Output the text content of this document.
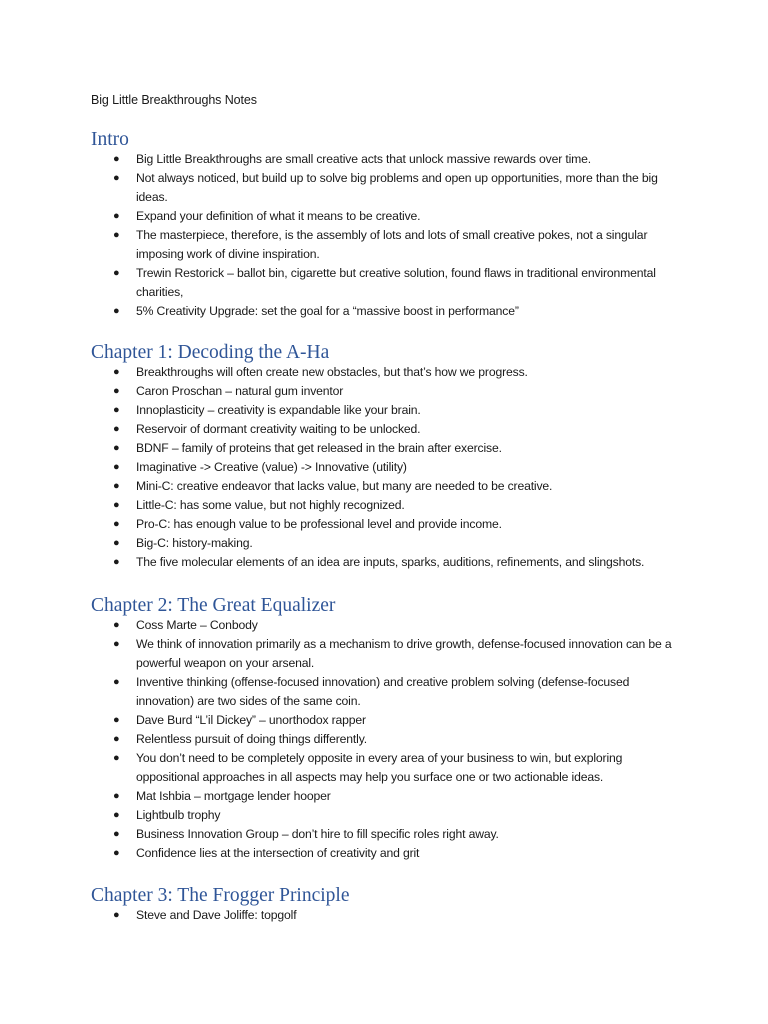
Big Little Breakthroughs Notes
Intro
● Big Little Breakthroughs are small creative acts that unlock massive rewards over time.
● Not always noticed, but build up to solve big problems and open up opportunities, more than the big ideas.
● Expand your definition of what it means to be creative.
● The masterpiece, therefore, is the assembly of lots and lots of small creative pokes, not a singular imposing work of divine inspiration.
● Trewin Restorick – ballot bin, cigarette but creative solution, found flaws in traditional environmental charities,
● 5% Creativity Upgrade: set the goal for a “massive boost in performance”
Chapter 1: Decoding the A-Ha
● Breakthroughs will often create new obstacles, but that’s how we progress.
● Caron Proschan – natural gum inventor
● Innoplasticity – creativity is expandable like your brain.
● Reservoir of dormant creativity waiting to be unlocked.
● BDNF – family of proteins that get released in the brain after exercise.
● Imaginative -> Creative (value) -> Innovative (utility)
● Mini-C: creative endeavor that lacks value, but many are needed to be creative.
● Little-C: has some value, but not highly recognized.
● Pro-C: has enough value to be professional level and provide income.
● Big-C: history-making.
● The five molecular elements of an idea are inputs, sparks, auditions, refinements, and slingshots.
Chapter 2: The Great Equalizer
● Coss Marte – Conbody
● We think of innovation primarily as a mechanism to drive growth, defense-focused innovation can be a powerful weapon on your arsenal.
● Inventive thinking (offense-focused innovation) and creative problem solving (defense-focused innovation) are two sides of the same coin.
● Dave Burd “L’il Dickey” – unorthodox rapper
● Relentless pursuit of doing things differently.
● You don’t need to be completely opposite in every area of your business to win, but exploring oppositional approaches in all aspects may help you surface one or two actionable ideas.
● Mat Ishbia – mortgage lender hooper
● Lightbulb trophy
● Business Innovation Group – don’t hire to fill specific roles right away.
● Confidence lies at the intersection of creativity and grit
Chapter 3: The Frogger Principle
● Steve and Dave Joliffe: topgolf
